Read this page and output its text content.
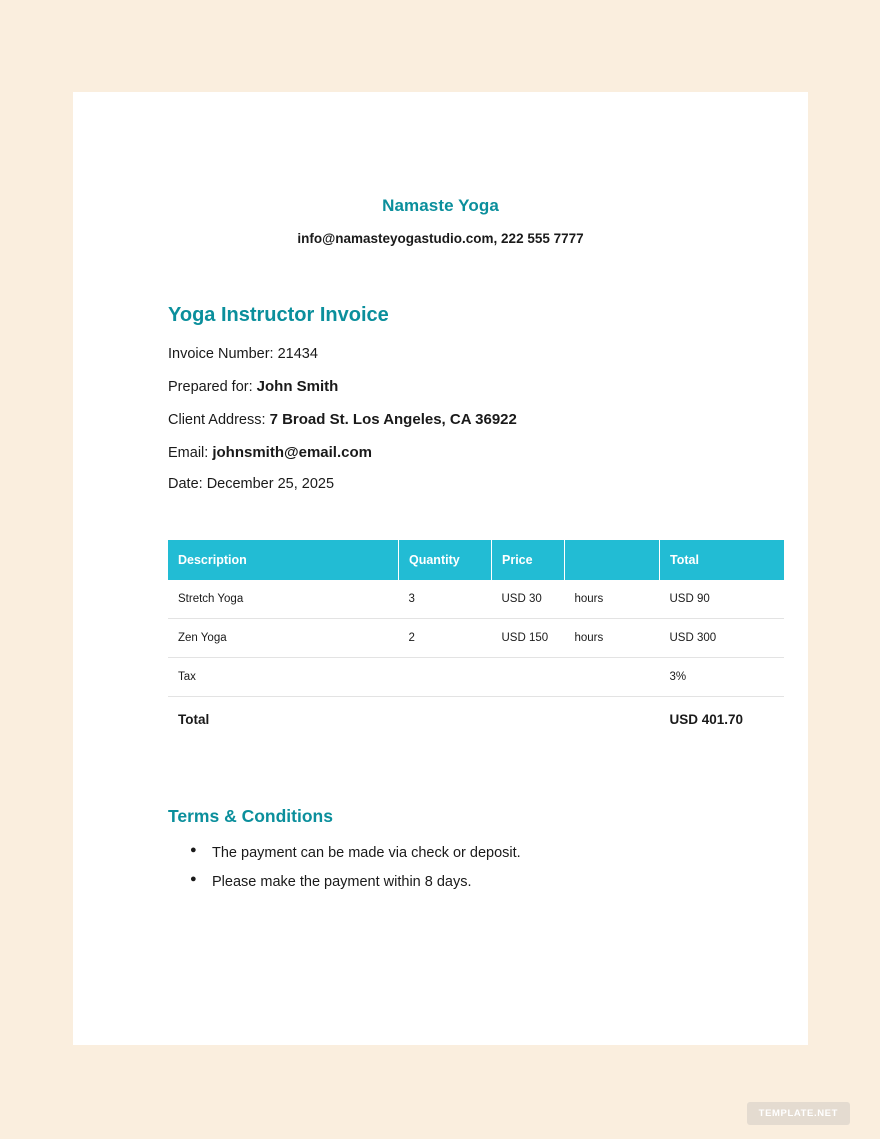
Namaste Yoga
info@namasteyogastudio.com, 222 555 7777
Yoga Instructor Invoice
Invoice Number: 21434
Prepared for: John Smith
Client Address: 7 Broad St. Los Angeles, CA 36922
Email: johnsmith@email.com
Date: December 25, 2025
Description	Quantity	Price		Total
Stretch Yoga	3	USD 30	hours	USD 90
Zen Yoga	2	USD 150	hours	USD 300
Tax				3%
Total				USD 401.70
Terms & Conditions
● The payment can be made via check or deposit.
● Please make the payment within 8 days.
TEMPLATE.NET
